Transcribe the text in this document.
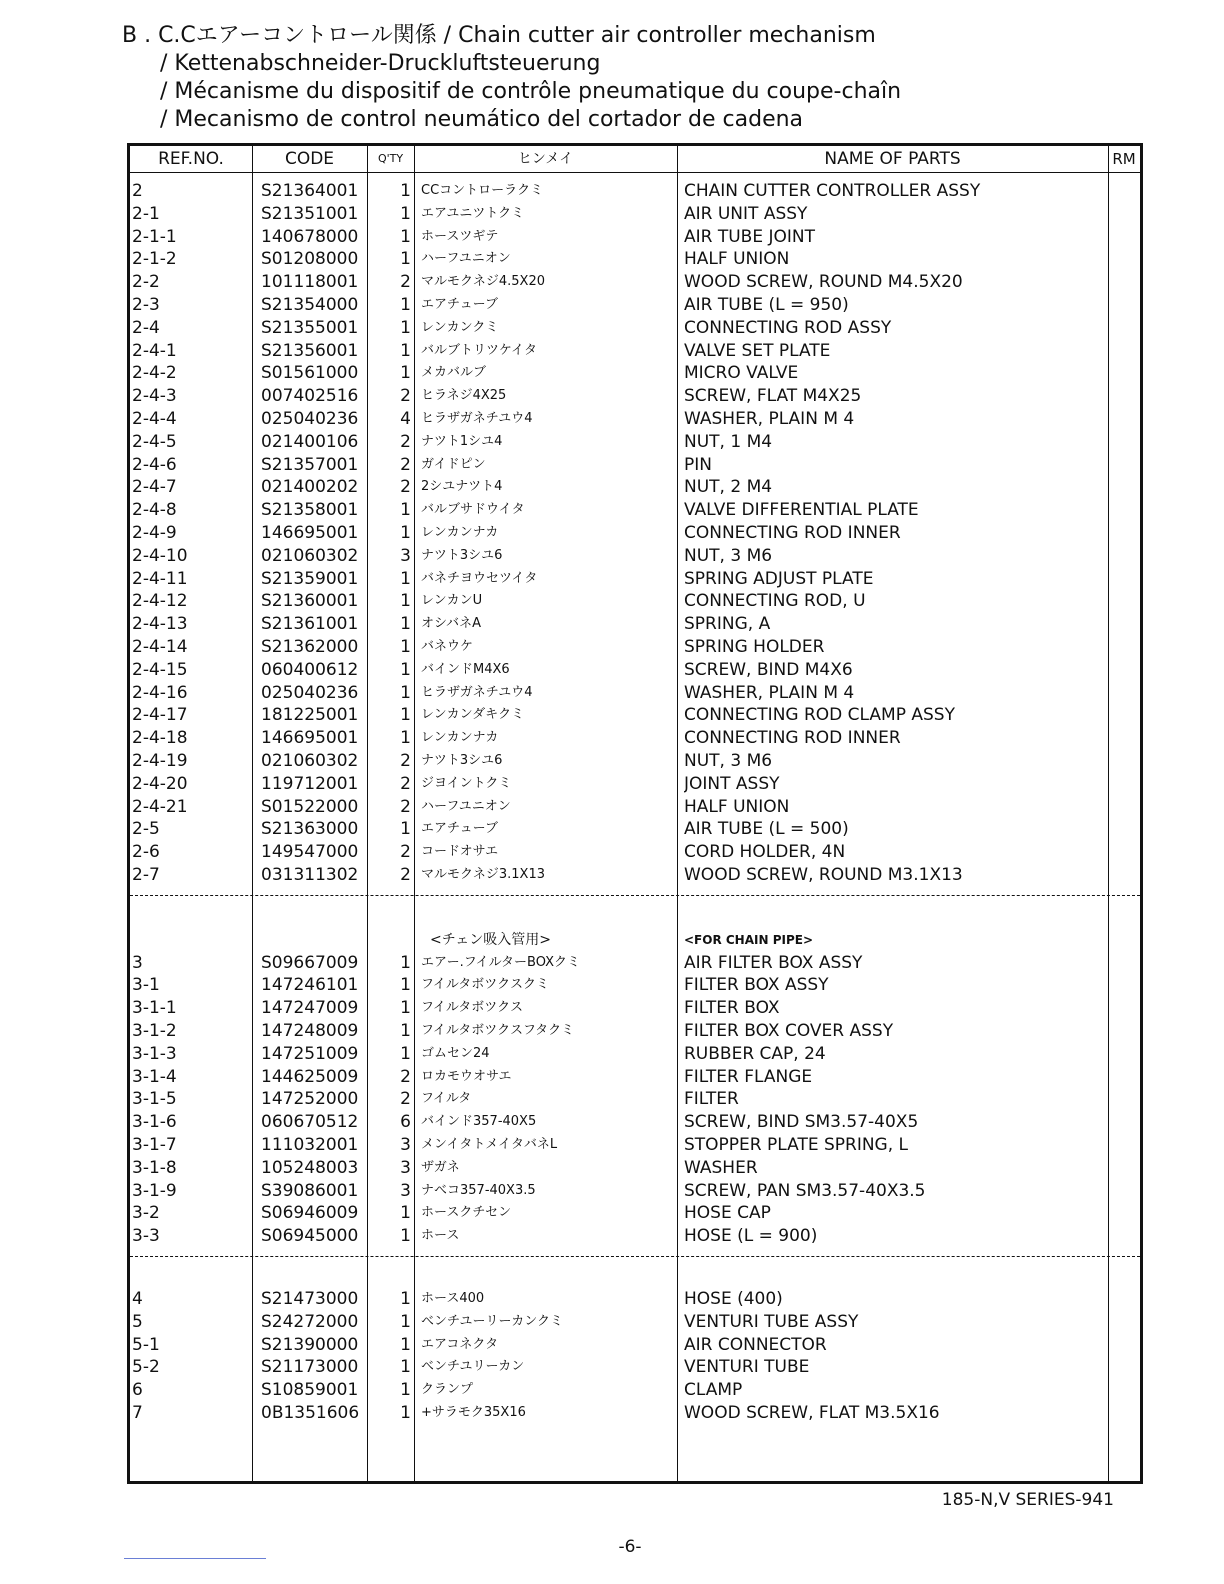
B . C.Cエアーコントロール関係 / Chain cutter air controller mechanism
/ Kettenabschneider-Druckluftsteuerung
/ Mécanisme du dispositif de contrôle pneumatique du coupe-chaîn
/ Mecanismo de control neumático del cortador de cadena
REF.NO.	CODE	Q'TY	ヒンメイ	NAME OF PARTS	RM
2	S21364001	1 CCコントローラクミ	CHAIN CUTTER CONTROLLER ASSY
2-1	S21351001	1 エアユニツトクミ	AIR UNIT ASSY
2-1-1	140678000	1 ホースツギテ	AIR TUBE JOINT
2-1-2	S01208000	1 ハーフユニオン	HALF UNION
2-2	101118001	2 マルモクネジ4.5X20	WOOD SCREW, ROUND M4.5X20
2-3	S21354000	1 エアチューブ	AIR TUBE (L = 950)
2-4	S21355001	1 レンカンクミ	CONNECTING ROD ASSY
2-4-1	S21356001	1 バルブトリツケイタ	VALVE SET PLATE
2-4-2	S01561000	1 メカバルブ	MICRO VALVE
2-4-3	007402516	2 ヒラネジ4X25	SCREW, FLAT M4X25
2-4-4	025040236	4 ヒラザガネチユウ4	WASHER, PLAIN M 4
2-4-5	021400106	2 ナツト1シユ4	NUT, 1 M4
2-4-6	S21357001	2 ガイドピン	PIN
2-4-7	021400202	2 2シユナツト4	NUT, 2 M4
2-4-8	S21358001	1 バルブサドウイタ	VALVE DIFFERENTIAL PLATE
2-4-9	146695001	1 レンカンナカ	CONNECTING ROD INNER
2-4-10	021060302	3 ナツト3シユ6	NUT, 3 M6
2-4-11	S21359001	1 バネチヨウセツイタ	SPRING ADJUST PLATE
2-4-12	S21360001	1 レンカンU	CONNECTING ROD, U
2-4-13	S21361001	1 オシバネA	SPRING, A
2-4-14	S21362000	1 バネウケ	SPRING HOLDER
2-4-15	060400612	1 バインドM4X6	SCREW, BIND M4X6
2-4-16	025040236	1 ヒラザガネチユウ4	WASHER, PLAIN M 4
2-4-17	181225001	1 レンカンダキクミ	CONNECTING ROD CLAMP ASSY
2-4-18	146695001	1 レンカンナカ	CONNECTING ROD INNER
2-4-19	021060302	2 ナツト3シユ6	NUT, 3 M6
2-4-20	119712001	2 ジヨイントクミ	JOINT ASSY
2-4-21	S01522000	2 ハーフユニオン	HALF UNION
2-5	S21363000	1 エアチューブ	AIR TUBE (L = 500)
2-6	149547000	2 コードオサエ	CORD HOLDER, 4N
2-7	031311302	2 マルモクネジ3.1X13	WOOD SCREW, ROUND M3.1X13
<チェン吸入管用>	<FOR CHAIN PIPE>
3	S09667009	1 エアー.フイルターBOXクミ	AIR FILTER BOX ASSY
3-1	147246101	1 フイルタボツクスクミ	FILTER BOX ASSY
3-1-1	147247009	1 フイルタボツクス	FILTER BOX
3-1-2	147248009	1 フイルタボツクスフタクミ	FILTER BOX COVER ASSY
3-1-3	147251009	1 ゴムセン24	RUBBER CAP, 24
3-1-4	144625009	2 ロカモウオサエ	FILTER FLANGE
3-1-5	147252000	2 フイルタ	FILTER
3-1-6	060670512	6 バインド357-40X5	SCREW, BIND SM3.57-40X5
3-1-7	111032001	3 メンイタトメイタバネL	STOPPER PLATE SPRING, L
3-1-8	105248003	3 ザガネ	WASHER
3-1-9	S39086001	3 ナベコ357-40X3.5	SCREW, PAN SM3.57-40X3.5
3-2	S06946009	1 ホースクチセン	HOSE CAP
3-3	S06945000	1 ホース	HOSE (L = 900)
4	S21473000	1 ホース400	HOSE (400)
5	S24272000	1 ベンチユーリーカンクミ	VENTURI TUBE ASSY
5-1	S21390000	1 エアコネクタ	AIR CONNECTOR
5-2	S21173000	1 ベンチユリーカン	VENTURI TUBE
6	S10859001	1 クランプ	CLAMP
7	0B1351606	1 +サラモク35X16	WOOD SCREW, FLAT M3.5X16
185-N,V SERIES-941
-6-
